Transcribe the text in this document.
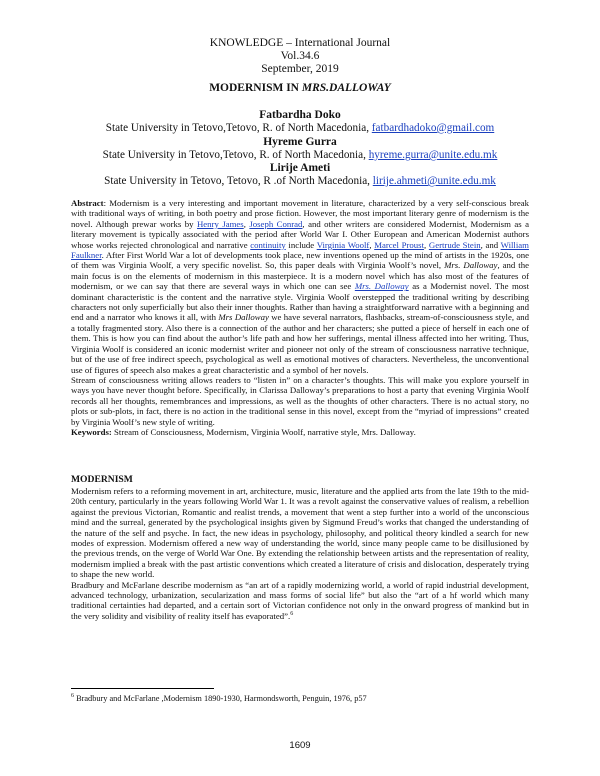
KNOWLEDGE – International Journal
Vol.34.6
September, 2019
MODERNISM IN MRS.DALLOWAY
Fatbardha Doko
State University in Tetovo,Tetovo, R. of North Macedonia, fatbardhadoko@gmail.com
Hyreme Gurra
State University in Tetovo,Tetovo, R. of North Macedonia, hyreme.gurra@unite.edu.mk
Lirije Ameti
State University in Tetovo, Tetovo, R .of North Macedonia, lirije.ahmeti@unite.edu.mk

Abstract: Modernism is a very interesting and important movement in literature, characterized by a very self-conscious break with traditional ways of writing, in both poetry and prose fiction. However, the most important literary genre of modernism is the novel. Although prewar works by Henry James, Joseph Conrad, and other writers are considered Modernist, Modernism as a literary movement is typically associated with the period after World War I. Other European and American Modernist authors whose works rejected chronological and narrative continuity include Virginia Woolf, Marcel Proust, Gertrude Stein, and William Faulkner. After First World War a lot of developments took place, new inventions opened up the mind of artists in the 1920s, one of them was Virginia Woolf, a very specific novelist. So, this paper deals with Virginia Woolf’s novel, Mrs. Dalloway, and the main focus is on the elements of modernism in this masterpiece. It is a modern novel which has also most of the features of modernism, or we can say that there are several ways in which one can see Mrs. Dalloway as a Modernist novel. The most dominant characteristic is the content and the narrative style. Virginia Woolf overstepped the traditional writing by describing characters not only superficially but also their inner thoughts. Rather than having a straightforward narrative with a beginning and end and a narrator who knows it all, with Mrs Dalloway we have several narrators, flashbacks, stream-of-consciousness style, and a totally fragmented story. Also there is a connection of the author and her characters; she putted a piece of herself in each one of them. This is how you can find about the author’s life path and how her sufferings, mental illness affected into her writing. Thus, Virginia Woolf is considered an iconic modernist writer and pioneer not only of the stream of consciousness narrative technique, but of the use of free indirect speech, psychological as well as emotional motives of characters. Nevertheless, the unconventional use of figures of speech also makes a great characteristic and a symbol of her novels.

Stream of consciousness writing allows readers to “listen in” on a character’s thoughts. This will make you explore yourself in ways you have never thought before. Specifically, in Clarissa Dalloway’s preparations to host a party that evening Virginia Woolf records all her thoughts, remembrances and impressions, as well as the thoughts of other characters. There is no actual story, no plots or sub-plots, in fact, there is no action in the traditional sense in this novel, except from the “myriad of impressions” created by Virginia Woolf’s new style of writing.

Keywords: Stream of Consciousness, Modernism, Virginia Woolf, narrative style, Mrs. Dalloway.

MODERNISM

Modernism refers to a reforming movement in art, architecture, music, literature and the applied arts from the late 19th to the mid-20th century, particularly in the years following World War 1. It was a revolt against the conservative values of realism, a rebellion against the previous Victorian, Romantic and realist trends, a movement that went a step further into a world of the unconscious mind and the surreal, generated by the psychological insights given by Sigmund Freud’s works that changed the understanding of the nature of the self and psyche. In fact, the new ideas in psychology, philosophy, and political theory kindled a search for new modes of expression. Modernism offered a new way of understanding the world, since many people came to be disillusioned by the previous trends, on the verge of World War One. By extending the relationship between artists and the representation of reality, modernism implied a break with the past artistic conventions which created a literature of crisis and dislocation, desperately trying to shape the new world.

Bradbury and McFarlane describe modernism as “an art of a rapidly modernizing world, a world of rapid industrial development, advanced technology, urbanization, secularization and mass forms of social life” but also the “art of a hf world which many traditional certainties had departed, and a certain sort of Victorian confidence not only in the onward progress of mankind but in the very solidity and visibility of reality itself has evaporated”.$^6$

$^6$ Bradbury and McFarlane ,Modernism 1890-1930, Harmondsworth, Penguin, 1976, p57
1609
